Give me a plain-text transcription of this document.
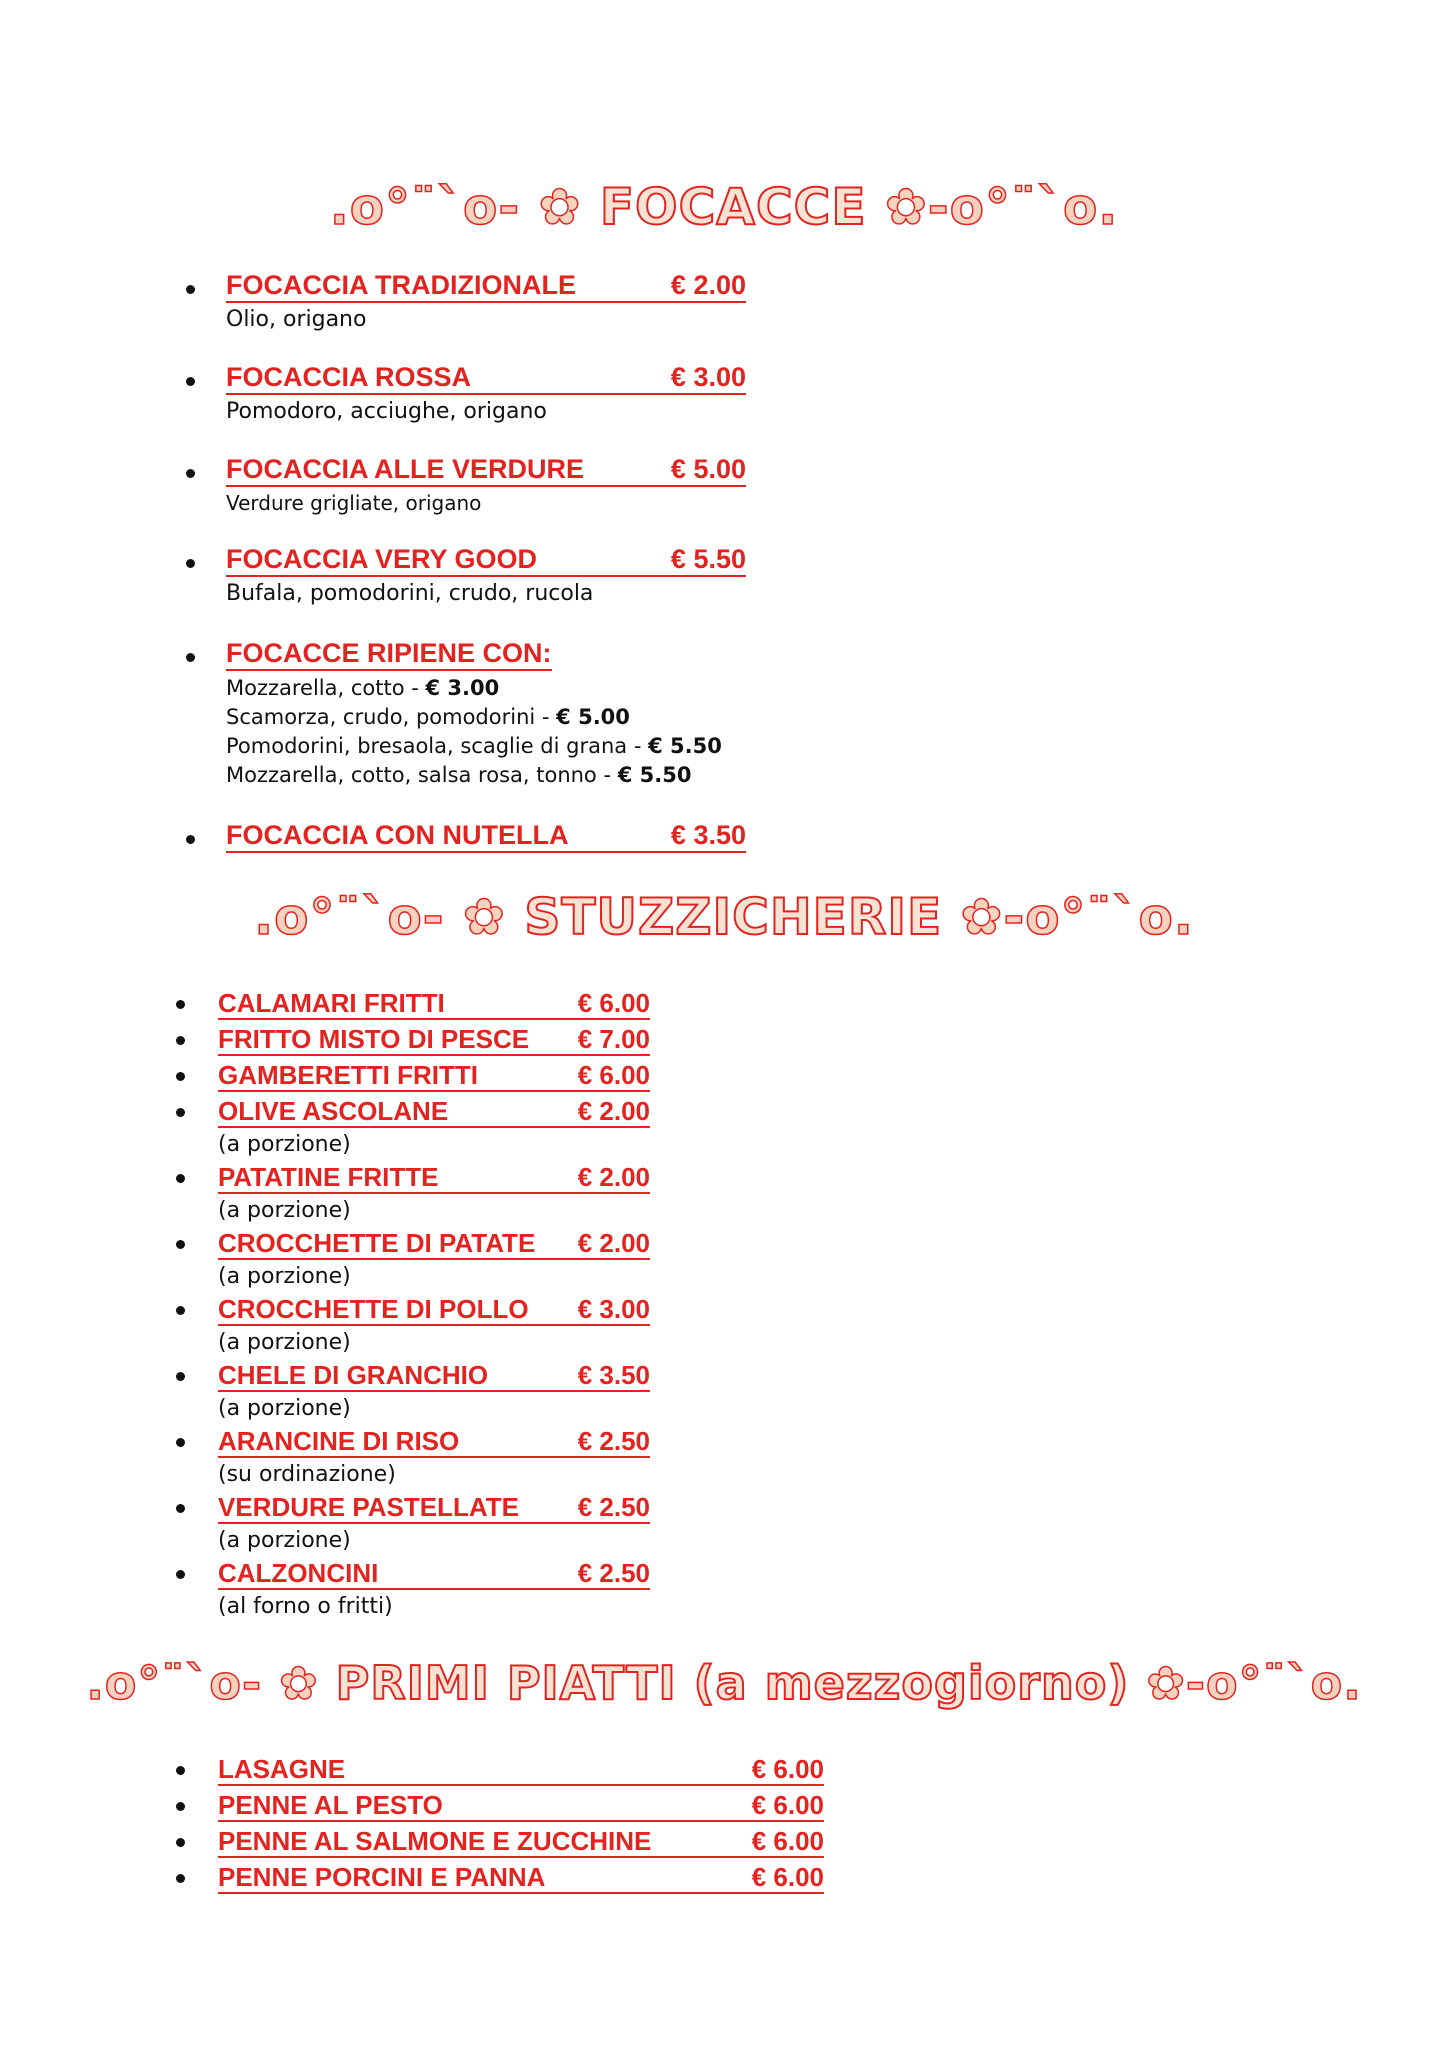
.o°¨`o- ✿ FOCACCE ✿-o°¨`o.
FOCACCIA TRADIZIONALE	€ 2.00
Olio, origano
FOCACCIA ROSSA	€ 3.00
Pomodoro, acciughe, origano
FOCACCIA ALLE VERDURE	€ 5.00
Verdure grigliate, origano
FOCACCIA VERY GOOD	€ 5.50
Bufala, pomodorini, crudo, rucola
FOCACCE RIPIENE CON:
Mozzarella, cotto - € 3.00
Scamorza, crudo, pomodorini - € 5.00
Pomodorini, bresaola, scaglie di grana - € 5.50
Mozzarella, cotto, salsa rosa, tonno - € 5.50
FOCACCIA CON NUTELLA	€ 3.50
.o°¨`o- ✿ STUZZICHERIE ✿-o°¨`o.
CALAMARI FRITTI	€ 6.00
FRITTO MISTO DI PESCE € 7.00
GAMBERETTI FRITTI	€ 6.00
OLIVE ASCOLANE	€ 2.00
(a porzione)
PATATINE FRITTE	€ 2.00
(a porzione)
CROCCHETTE DI PATATE € 2.00
(a porzione)
CROCCHETTE DI POLLO € 3.00
(a porzione)
CHELE DI GRANCHIO	€ 3.50
(a porzione)
ARANCINE DI RISO	€ 2.50
(su ordinazione)
VERDURE PASTELLATE € 2.50
(a porzione)
CALZONCINI	€ 2.50
(al forno o fritti)
.o°¨`o- ✿ PRIMI PIATTI (a mezzogiorno) ✿-o°¨`o.
LASAGNE	€ 6.00
PENNE AL PESTO	€ 6.00
PENNE AL SALMONE E ZUCCHINE	€ 6.00
PENNE PORCINI E PANNA	€ 6.00
